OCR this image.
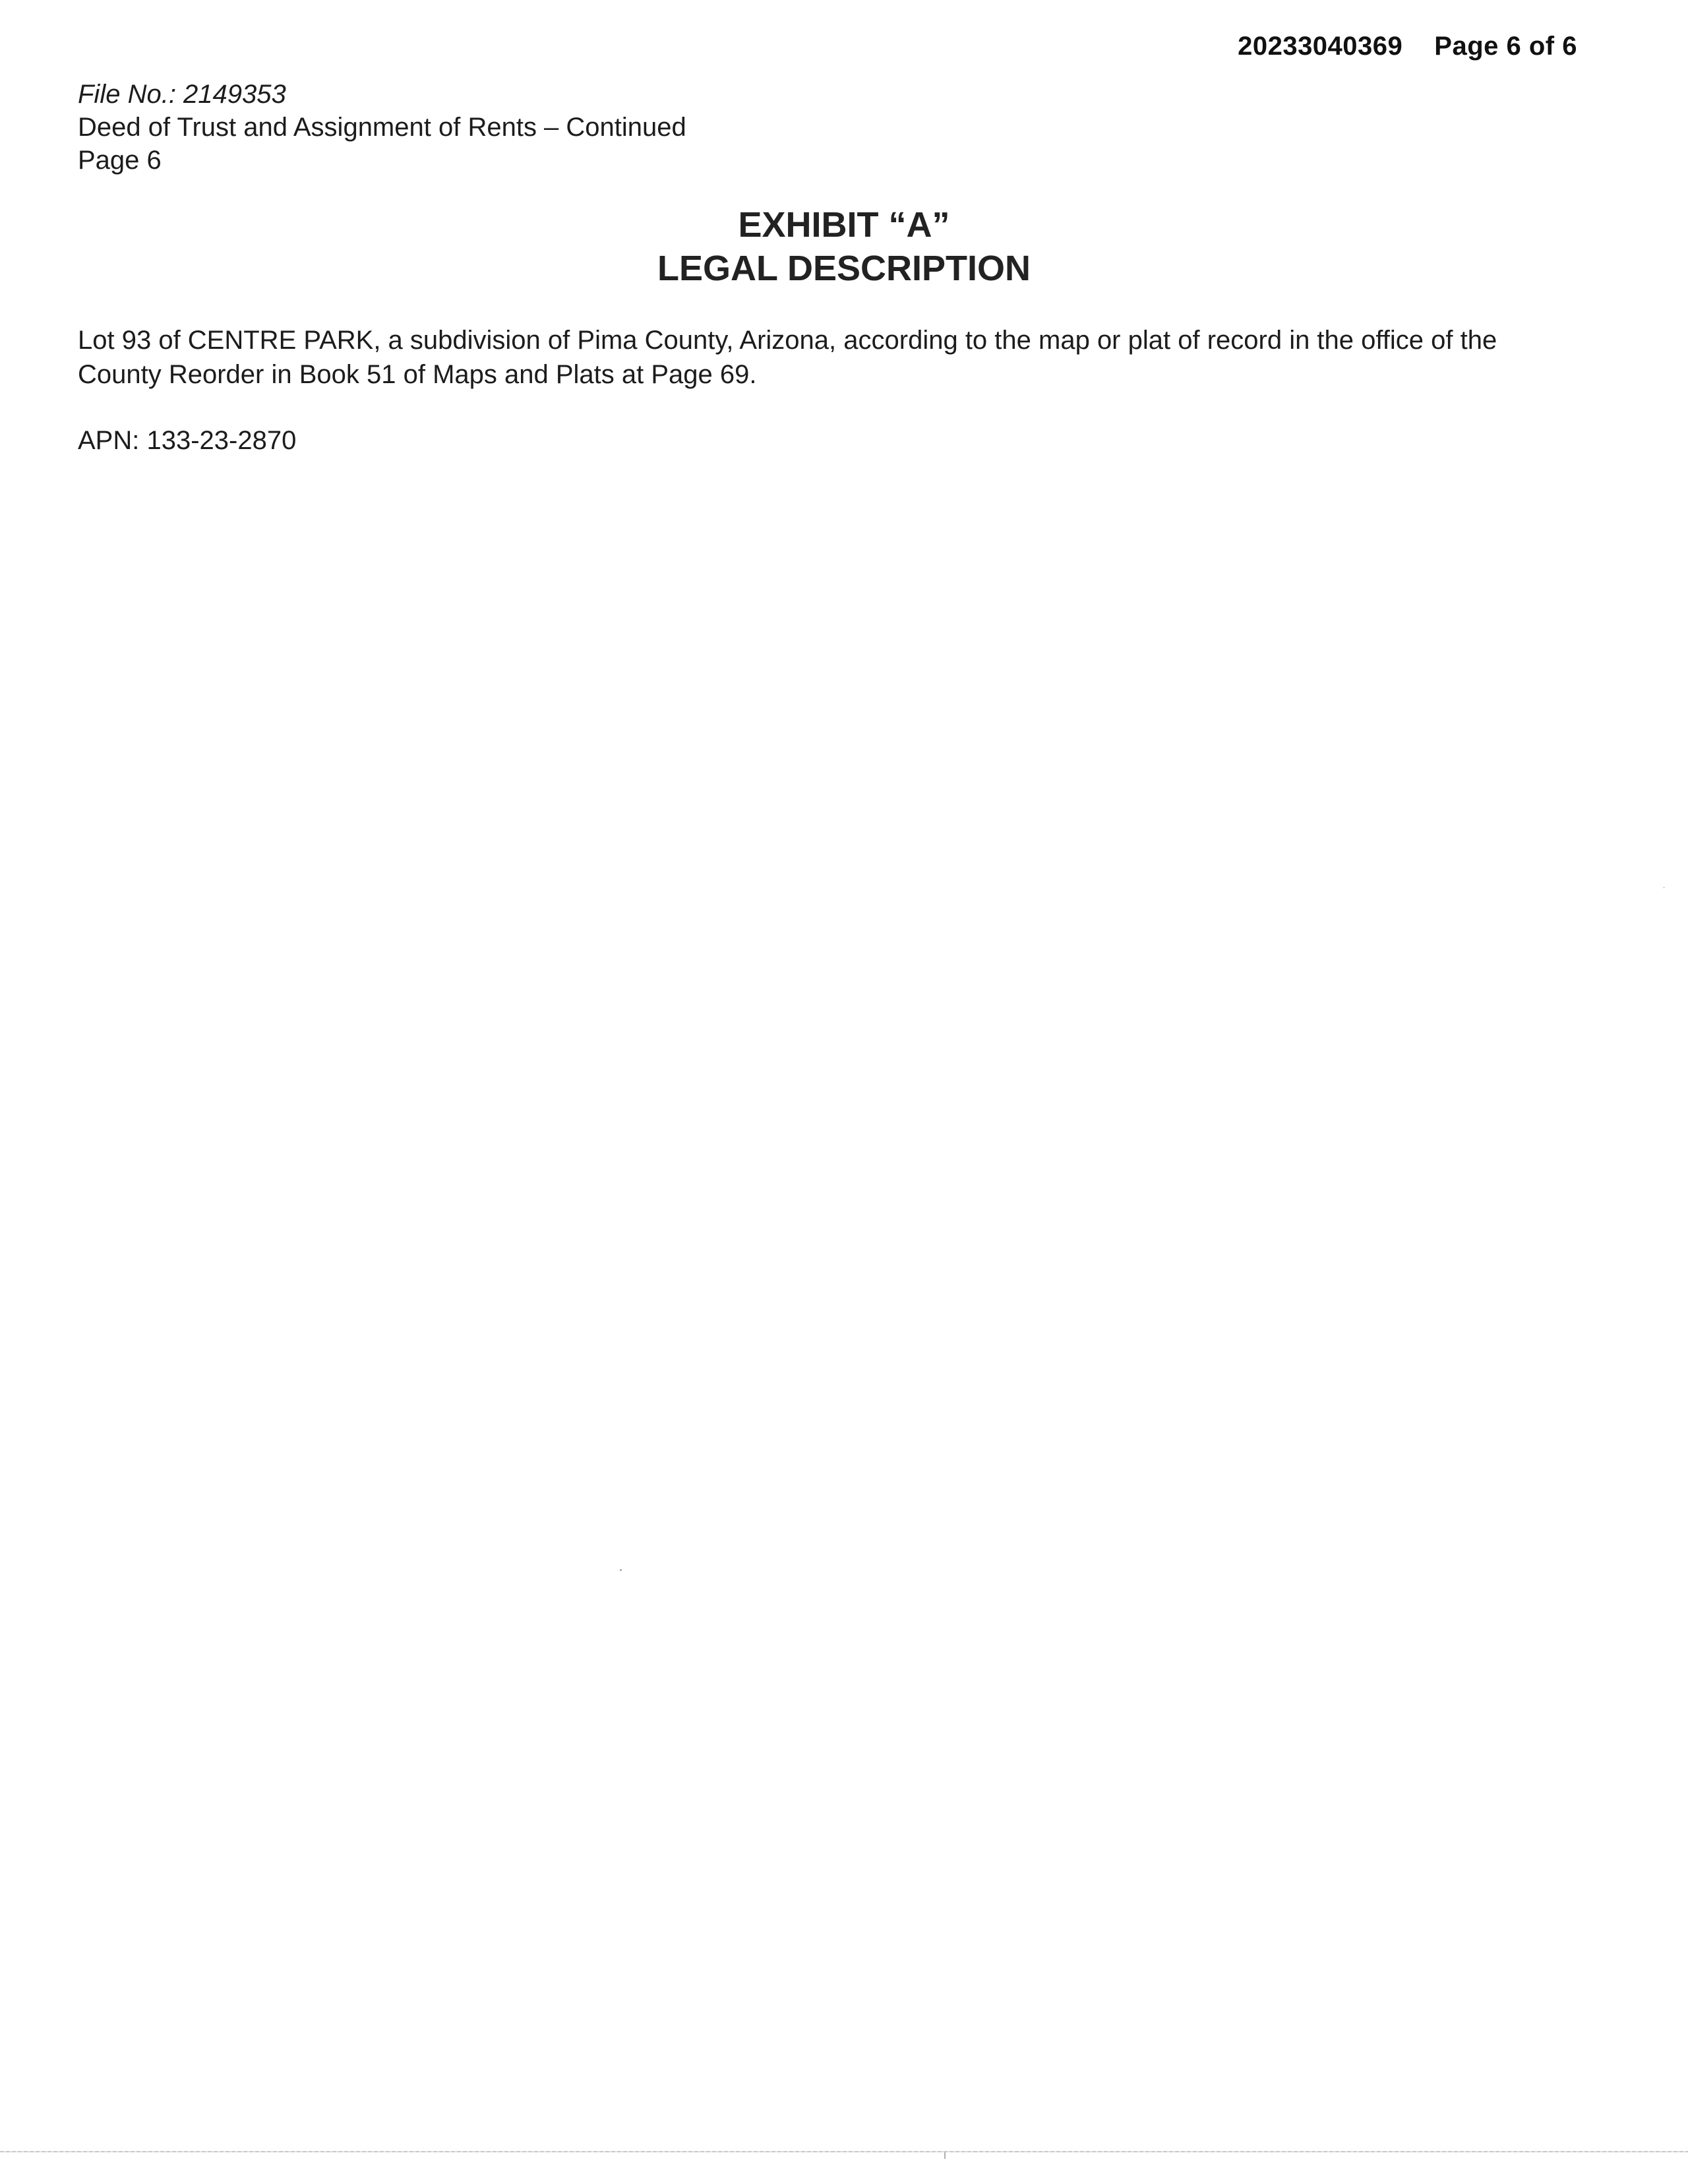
20233040369 Page 6 of 6
File No.: 2149353
Deed of Trust and Assignment of Rents – Continued
Page 6
EXHIBIT “A”
LEGAL DESCRIPTION
Lot 93 of CENTRE PARK, a subdivision of Pima County, Arizona, according to the map or plat of record in the office of the County Reorder in Book 51 of Maps and Plats at Page 69.
APN: 133-23-2870
